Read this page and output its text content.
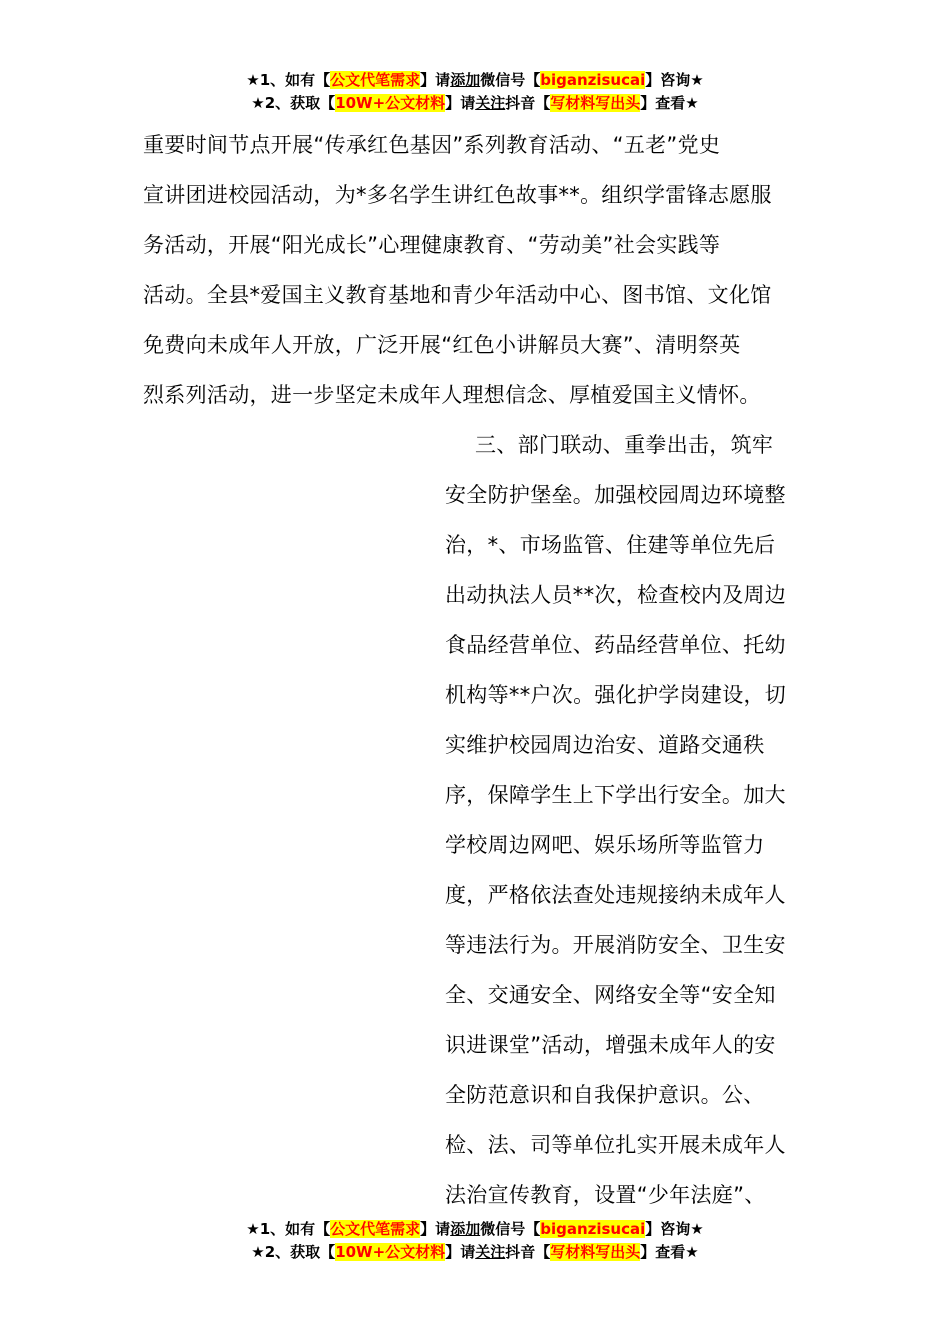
★1、如有【公文代笔需求】请添加微信号【biganzisucai】咨询★
★2、获取【10W+公文材料】请关注抖音【写材料写出头】查看★
重要时间节点开展“传承红色基因”系列教育活动、“五老”党史
宣讲团进校园活动，为*多名学生讲红色故事**。组织学雷锋志愿服
务活动，开展“阳光成长”心理健康教育、“劳动美”社会实践等
活动。全县*爱国主义教育基地和青少年活动中心、图书馆、文化馆
免费向未成年人开放，广泛开展“红色小讲解员大赛”、清明祭英
烈系列活动，进一步坚定未成年人理想信念、厚植爱国主义情怀。
三、部门联动、重拳出击，筑牢
安全防护堡垒。加强校园周边环境整
治，*、市场监管、住建等单位先后
出动执法人员**次，检查校内及周边
食品经营单位、药品经营单位、托幼
机构等**户次。强化护学岗建设，切
实维护校园周边治安、道路交通秩
序，保障学生上下学出行安全。加大
学校周边网吧、娱乐场所等监管力
度，严格依法查处违规接纳未成年人
等违法行为。开展消防安全、卫生安
全、交通安全、网络安全等“安全知
识进课堂”活动，增强未成年人的安
全防范意识和自我保护意识。公、
检、法、司等单位扎实开展未成年人
法治宣传教育，设置“少年法庭”、
★1、如有【公文代笔需求】请添加微信号【biganzisucai】咨询★
★2、获取【10W+公文材料】请关注抖音【写材料写出头】查看★
